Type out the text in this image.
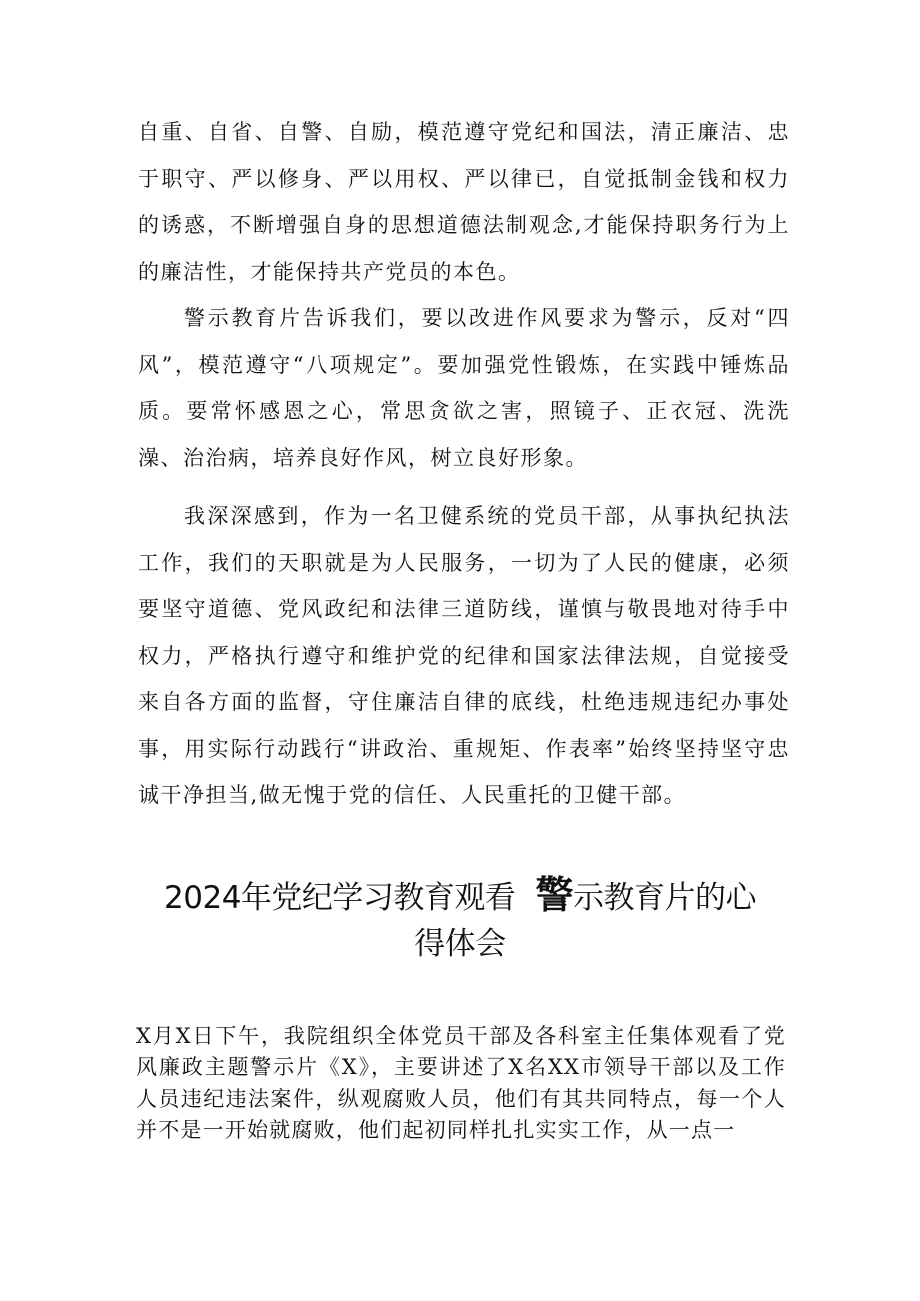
自重、自省、自警、自励，模范遵守党纪和国法，清正廉洁、忠于职守、严以修身、严以用权、严以律已，自觉抵制金钱和权力的诱惑，不断增强自身的思想道德法制观念,才能保持职务行为上的廉洁性，才能保持共产党员的本色。

警示教育片告诉我们，要以改进作风要求为警示，反对“四风”，模范遵守“八项规定”。要加强党性锻炼，在实践中锤炼品质。要常怀感恩之心，常思贪欲之害，照镜子、正衣冠、洗洗澡、治治病，培养良好作风，树立良好形象。

我深深感到，作为一名卫健系统的党员干部，从事执纪执法工作，我们的天职就是为人民服务，一切为了人民的健康，必须要坚守道德、党风政纪和法律三道防线，谨慎与敬畏地对待手中权力，严格执行遵守和维护党的纪律和国家法律法规，自觉接受来自各方面的监督，守住廉洁自律的底线，杜绝违规违纪办事处事，用实际行动践行“讲政治、重规矩、作表率”始终坚持坚守忠诚干净担当,做无愧于党的信任、人民重托的卫健干部。

2024年党纪学习教育观看 警示教育片的心
得体会

X月X日下午，我院组织全体党员干部及各科室主任集体观看了党风廉政主题警示片《X》，主要讲述了X名XX市领导干部以及工作人员违纪违法案件，纵观腐败人员，他们有其共同特点，每一个人并不是一开始就腐败，他们起初同样扎扎实实工作，从一点一
